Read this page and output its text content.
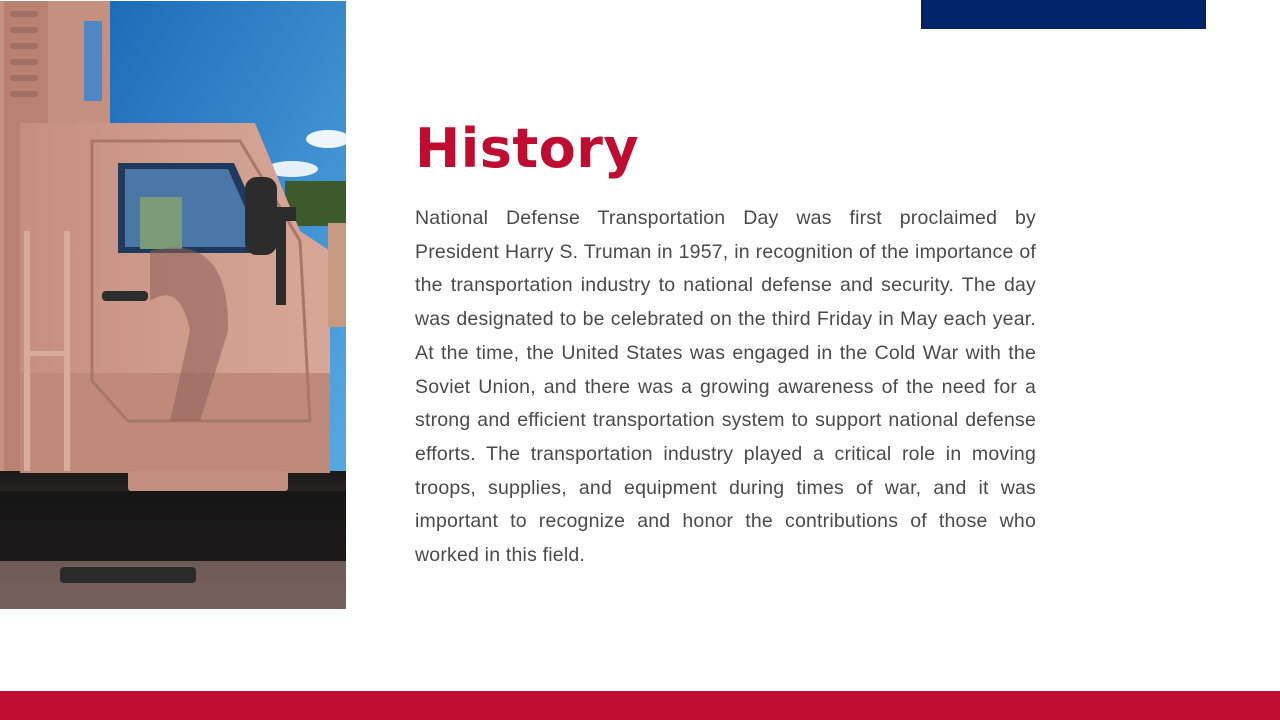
History

National Defense Transportation Day was first proclaimed by President Harry S. Truman in 1957, in recognition of the importance of the transportation industry to national defense and security. The day was designated to be celebrated on the third Friday in May each year. At the time, the United States was engaged in the Cold War with the Soviet Union, and there was a growing awareness of the need for a strong and efficient transportation system to support national defense efforts. The transportation industry played a critical role in moving troops, supplies, and equipment during times of war, and it was important to recognize and honor the contributions of those who worked in this field.
